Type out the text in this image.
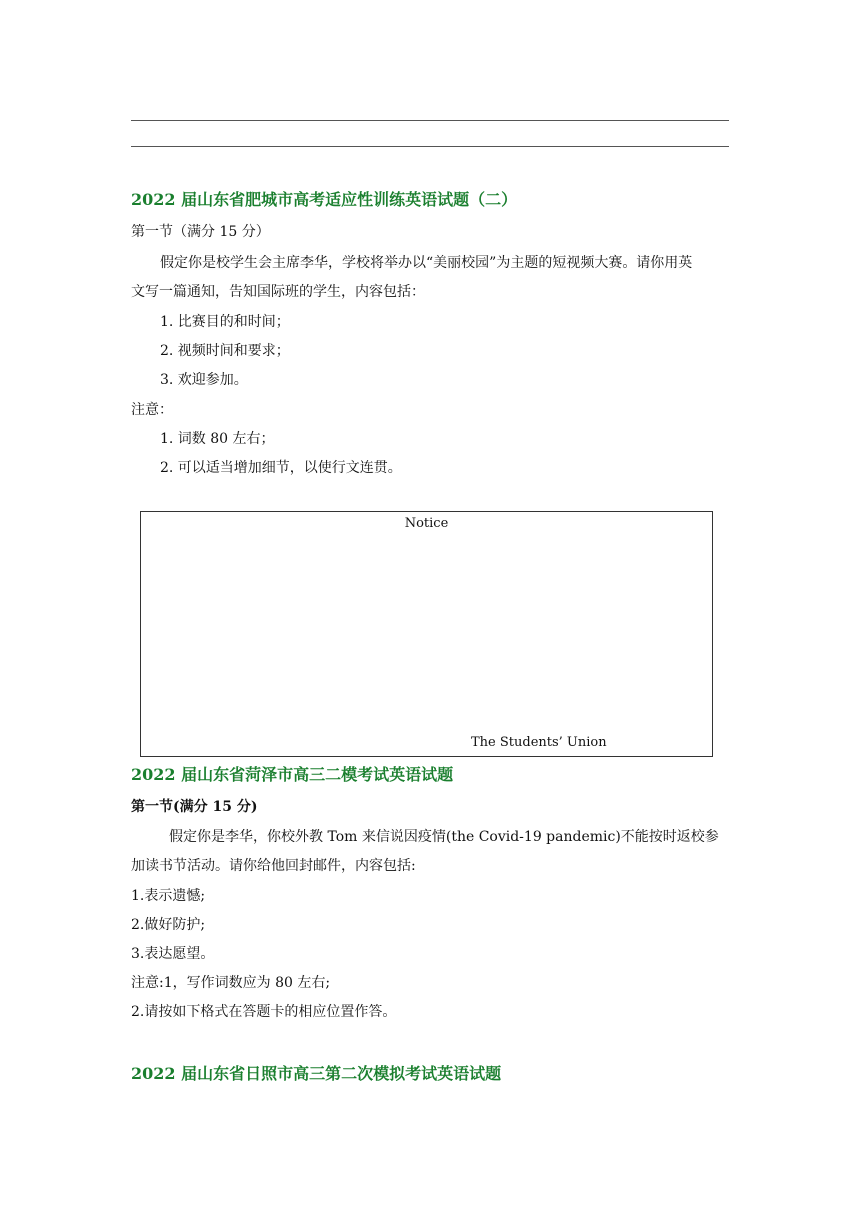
2022 届山东省肥城市高考适应性训练英语试题（二）
第一节（满分 15 分）
假定你是校学生会主席李华，学校将举办以“美丽校园”为主题的短视频大赛。请你用英
文写一篇通知，告知国际班的学生，内容包括：
1. 比赛目的和时间；
2. 视频时间和要求；
3. 欢迎参加。
注意：
1. 词数 80 左右；
2. 可以适当增加细节，以使行文连贯。
Notice
The Students’ Union
2022 届山东省菏泽市高三二模考试英语试题
第一节(满分 15 分)
假定你是李华，你校外教 Tom 来信说因疫情(the Covid-19 pandemic)不能按时返校参
加读书节活动。请你给他回封邮件，内容包括:
1.表示遗憾;
2.做好防护;
3.表达愿望。
注意:1，写作词数应为 80 左右;
2.请按如下格式在答题卡的相应位置作答。
2022 届山东省日照市高三第二次模拟考试英语试题
